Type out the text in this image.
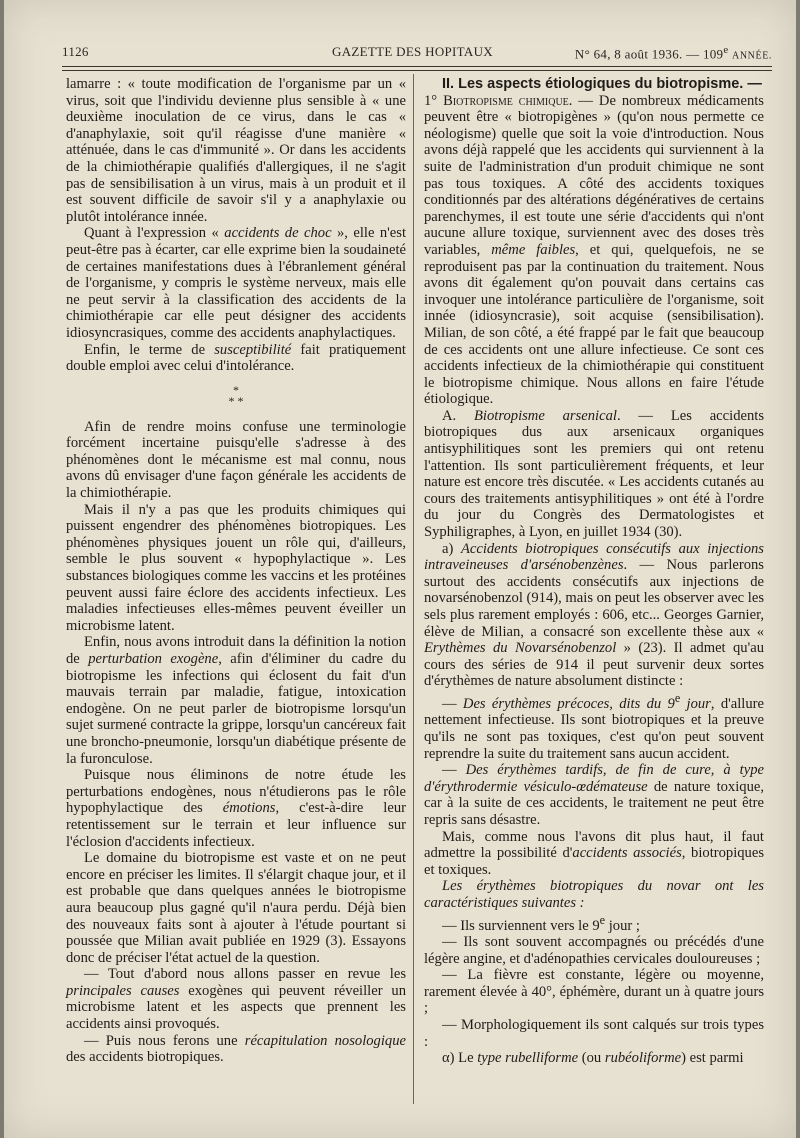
1126	GAZETTE DES HOPITAUX	N° 64, 8 août 1936. — 109e ANNÉE.

lamarre : « toute modification de l'organisme par un « virus, soit que l'individu devienne plus sensible à « une deuxième inoculation de ce virus, dans le cas « d'anaphylaxie, soit qu'il réagisse d'une manière « atténuée, dans le cas d'immunité ». Or dans les accidents de la chimiothérapie qualifiés d'allergiques, il ne s'agit pas de sensibilisation à un virus, mais à un produit et il est souvent difficile de savoir s'il y a anaphylaxie ou plutôt intolérance innée.

Quant à l'expression « accidents de choc », elle n'est peut-être pas à écarter, car elle exprime bien la soudaineté de certaines manifestations dues à l'ébranlement général de l'organisme, y compris le système nerveux, mais elle ne peut servir à la classification des accidents de la chimiothérapie car elle peut désigner des accidents idiosyncrasiques, comme des accidents anaphylactiques.

Enfin, le terme de susceptibilité fait pratiquement double emploi avec celui d'intolérance.

*
* *

Afin de rendre moins confuse une terminologie forcément incertaine puisqu'elle s'adresse à des phénomènes dont le mécanisme est mal connu, nous avons dû envisager d'une façon générale les accidents de la chimiothérapie.

Mais il n'y a pas que les produits chimiques qui puissent engendrer des phénomènes biotropiques. Les phénomènes physiques jouent un rôle qui, d'ailleurs, semble le plus souvent « hypophylactique ». Les substances biologiques comme les vaccins et les protéines peuvent aussi faire éclore des accidents infectieux. Les maladies infectieuses elles-mêmes peuvent éveiller un microbisme latent.

Enfin, nous avons introduit dans la définition la notion de perturbation exogène, afin d'éliminer du cadre du biotropisme les infections qui éclosent du fait d'un mauvais terrain par maladie, fatigue, intoxication endogène. On ne peut parler de biotropisme lorsqu'un sujet surmené contracte la grippe, lorsqu'un cancéreux fait une broncho-pneumonie, lorsqu'un diabétique présente de la furonculose.

Puisque nous éliminons de notre étude les perturbations endogènes, nous n'étudierons pas le rôle hypophylactique des émotions, c'est-à-dire leur retentissement sur le terrain et leur influence sur l'éclosion d'accidents infectieux.

Le domaine du biotropisme est vaste et on ne peut encore en préciser les limites. Il s'élargit chaque jour, et il est probable que dans quelques années le biotropisme aura beaucoup plus gagné qu'il n'aura perdu. Déjà bien des nouveaux faits sont à ajouter à l'étude pourtant si poussée que Milian avait publiée en 1929 (3). Essayons donc de préciser l'état actuel de la question.

— Tout d'abord nous allons passer en revue les principales causes exogènes qui peuvent réveiller un microbisme latent et les aspects que prennent les accidents ainsi provoqués.

— Puis nous ferons une récapitulation nosologique des accidents biotropiques.

II. Les aspects étiologiques du biotropisme. —

1° Biotropisme chimique. — De nombreux médicaments peuvent être « biotropigènes » (qu'on nous permette ce néologisme) quelle que soit la voie d'introduction. Nous avons déjà rappelé que les accidents qui surviennent à la suite de l'administration d'un produit chimique ne sont pas tous toxiques. A côté des accidents toxiques conditionnés par des altérations dégénératives de certains parenchymes, il est toute une série d'accidents qui n'ont aucune allure toxique, surviennent avec des doses très variables, même faibles, et qui, quelquefois, ne se reproduisent pas par la continuation du traitement. Nous avons dit également qu'on pouvait dans certains cas invoquer une intolérance particulière de l'organisme, soit innée (idiosyncrasie), soit acquise (sensibilisation). Milian, de son côté, a été frappé par le fait que beaucoup de ces accidents ont une allure infectieuse. Ce sont ces accidents infectieux de la chimiothérapie qui constituent le biotropisme chimique. Nous allons en faire l'étude étiologique.

A. Biotropisme arsenical. — Les accidents biotropiques dus aux arsenicaux organiques antisyphilitiques sont les premiers qui ont retenu l'attention. Ils sont particulièrement fréquents, et leur nature est encore très discutée. « Les accidents cutanés au cours des traitements antisyphilitiques » ont été à l'ordre du jour du Congrès des Dermatologistes et Syphiligraphes, à Lyon, en juillet 1934 (30).

a) Accidents biotropiques consécutifs aux injections intraveineuses d'arsénobenzènes. — Nous parlerons surtout des accidents consécutifs aux injections de novarsénobenzol (914), mais on peut les observer avec les sels plus rarement employés : 606, etc... Georges Garnier, élève de Milian, a consacré son excellente thèse aux « Erythèmes du Novarsénobenzol » (23). Il admet qu'au cours des séries de 914 il peut survenir deux sortes d'érythèmes de nature absolument distincte :

— Des érythèmes précoces, dits du 9e jour, d'allure nettement infectieuse. Ils sont biotropiques et la preuve qu'ils ne sont pas toxiques, c'est qu'on peut souvent reprendre la suite du traitement sans aucun accident.

— Des érythèmes tardifs, de fin de cure, à type d'érythrodermie vésiculo-œdémateuse de nature toxique, car à la suite de ces accidents, le traitement ne peut être repris sans désastre.

Mais, comme nous l'avons dit plus haut, il faut admettre la possibilité d'accidents associés, biotropiques et toxiques.

Les érythèmes biotropiques du novar ont les caractéristiques suivantes :

— Ils surviennent vers le 9e jour ;

— Ils sont souvent accompagnés ou précédés d'une légère angine, et d'adénopathies cervicales douloureuses ;

— La fièvre est constante, légère ou moyenne, rarement élevée à 40°, éphémère, durant un à quatre jours ;

— Morphologiquement ils sont calqués sur trois types :

α) Le type rubelliforme (ou rubéoliforme) est parmi
